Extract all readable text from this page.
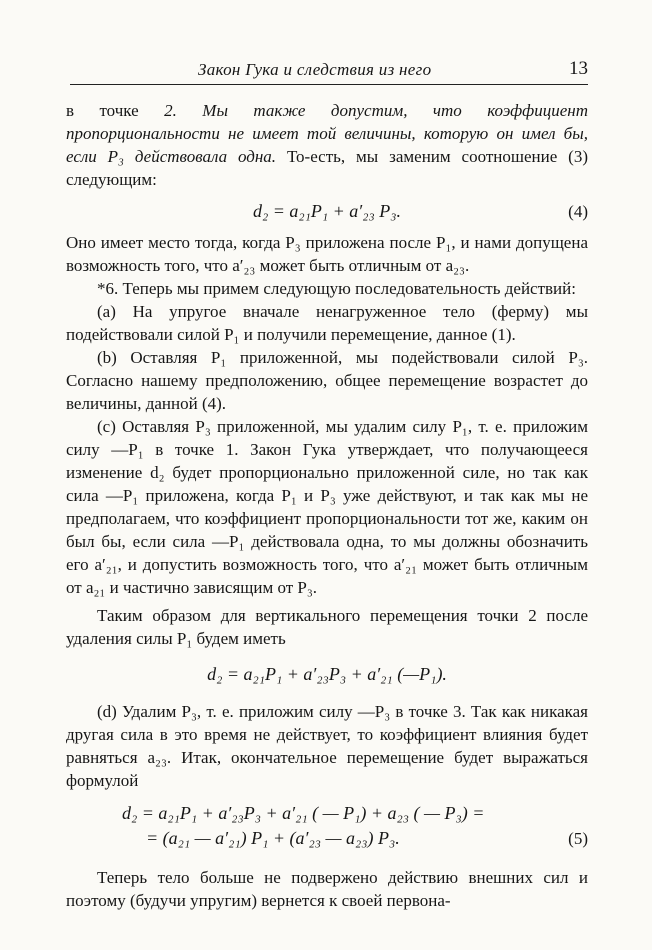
Закон Гука и следствия из него	13

в точке 2. Мы также допустим, что коэффициент пропорциональности не имеет той величины, которую он имел бы, если P₃ действовала одна. То-есть, мы заменим соотношение (3) следующим:

d₂ = a₂₁P₁ + a′₂₃ P₃.	(4)

Оно имеет место тогда, когда P₃ приложена после P₁, и нами допущена возможность того, что a′₂₃ может быть отличным от a₂₃.

*6. Теперь мы примем следующую последовательность действий:

(a) На упругое вначале ненагруженное тело (ферму) мы подействовали силой P₁ и получили перемещение, данное (1).

(b) Оставляя P₁ приложенной, мы подействовали силой P₃. Согласно нашему предположению, общее перемещение возрастет до величины, данной (4).

(c) Оставляя P₃ приложенной, мы удалим силу P₁, т. е. приложим силу —P₁ в точке 1. Закон Гука утверждает, что получающееся изменение d₂ будет пропорционально приложенной силе, но так как сила —P₁ приложена, когда P₁ и P₃ уже действуют, и так как мы не предполагаем, что коэффициент пропорциональности тот же, каким он был бы, если сила —P₁ действовала одна, то мы должны обозначить его a′₂₁, и допустить возможность того, что a′₂₁ может быть отличным от a₂₁ и частично зависящим от P₃.

Таким образом для вертикального перемещения точки 2 после удаления силы P₁ будем иметь

d₂ = a₂₁P₁ + a′₂₃P₃ + a′₂₁ (—P₁).

(d) Удалим P₃, т. е. приложим силу —P₃ в точке 3. Так как никакая другая сила в это время не действует, то коэффициент влияния будет равняться a₂₃. Итак, окончательное перемещение будет выражаться формулой

d₂ = a₂₁P₁ + a′₂₃P₃ + a′₂₁ ( — P₁) + a₂₃ ( — P₃) =
= (a₂₁ — a′₂₁) P₁ + (a′₂₃ — a₂₃) P₃.	(5)

Теперь тело больше не подвержено действию внешних сил и поэтому (будучи упругим) вернется к своей первона-
